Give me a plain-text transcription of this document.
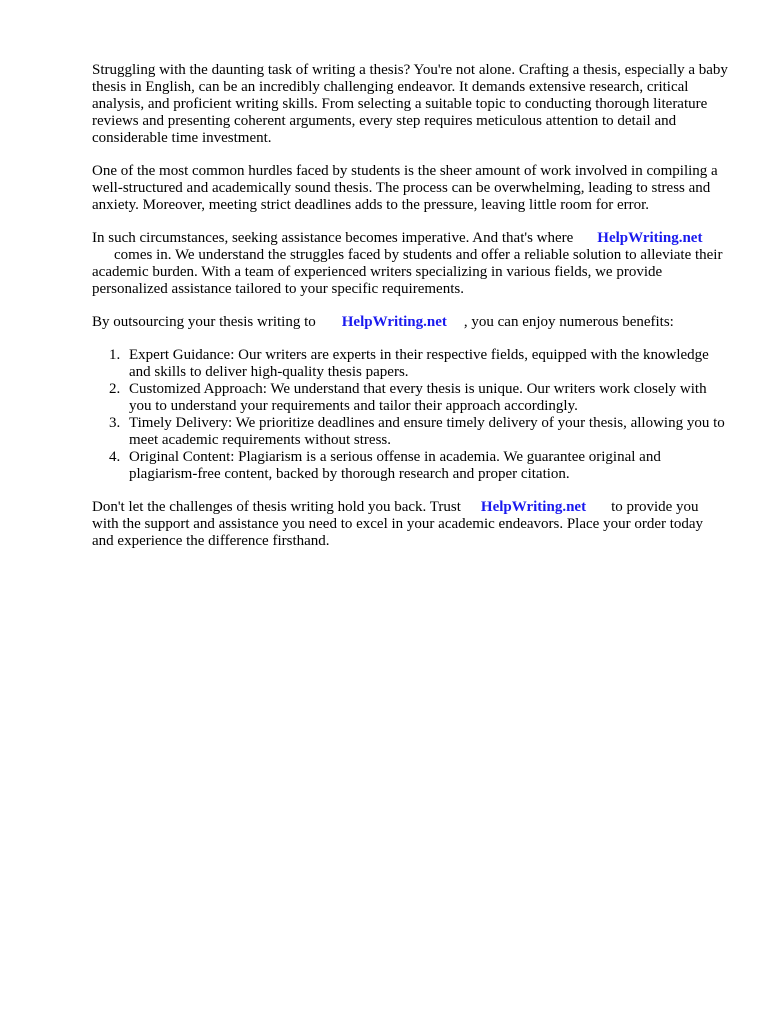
Struggling with the daunting task of writing a thesis? You're not alone. Crafting a thesis, especially a baby thesis in English, can be an incredibly challenging endeavor. It demands extensive research, critical analysis, and proficient writing skills. From selecting a suitable topic to conducting thorough literature reviews and presenting coherent arguments, every step requires meticulous attention to detail and considerable time investment.

One of the most common hurdles faced by students is the sheer amount of work involved in compiling a well-structured and academically sound thesis. The process can be overwhelming, leading to stress and anxiety. Moreover, meeting strict deadlines adds to the pressure, leaving little room for error.

In such circumstances, seeking assistance becomes imperative. And that's where HelpWriting.net
comes in. We understand the struggles faced by students and offer a reliable solution to alleviate their academic burden. With a team of experienced writers specializing in various fields, we provide personalized assistance tailored to your specific requirements.

By outsourcing your thesis writing to HelpWriting.net , you can enjoy numerous benefits:

1. Expert Guidance: Our writers are experts in their respective fields, equipped with the knowledge and skills to deliver high-quality thesis papers.
2. Customized Approach: We understand that every thesis is unique. Our writers work closely with you to understand your requirements and tailor their approach accordingly.
3. Timely Delivery: We prioritize deadlines and ensure timely delivery of your thesis, allowing you to meet academic requirements without stress.
4. Original Content: Plagiarism is a serious offense in academia. We guarantee original and plagiarism-free content, backed by thorough research and proper citation.

Don't let the challenges of thesis writing hold you back. Trust HelpWriting.net to provide you with the support and assistance you need to excel in your academic endeavors. Place your order today and experience the difference firsthand.
